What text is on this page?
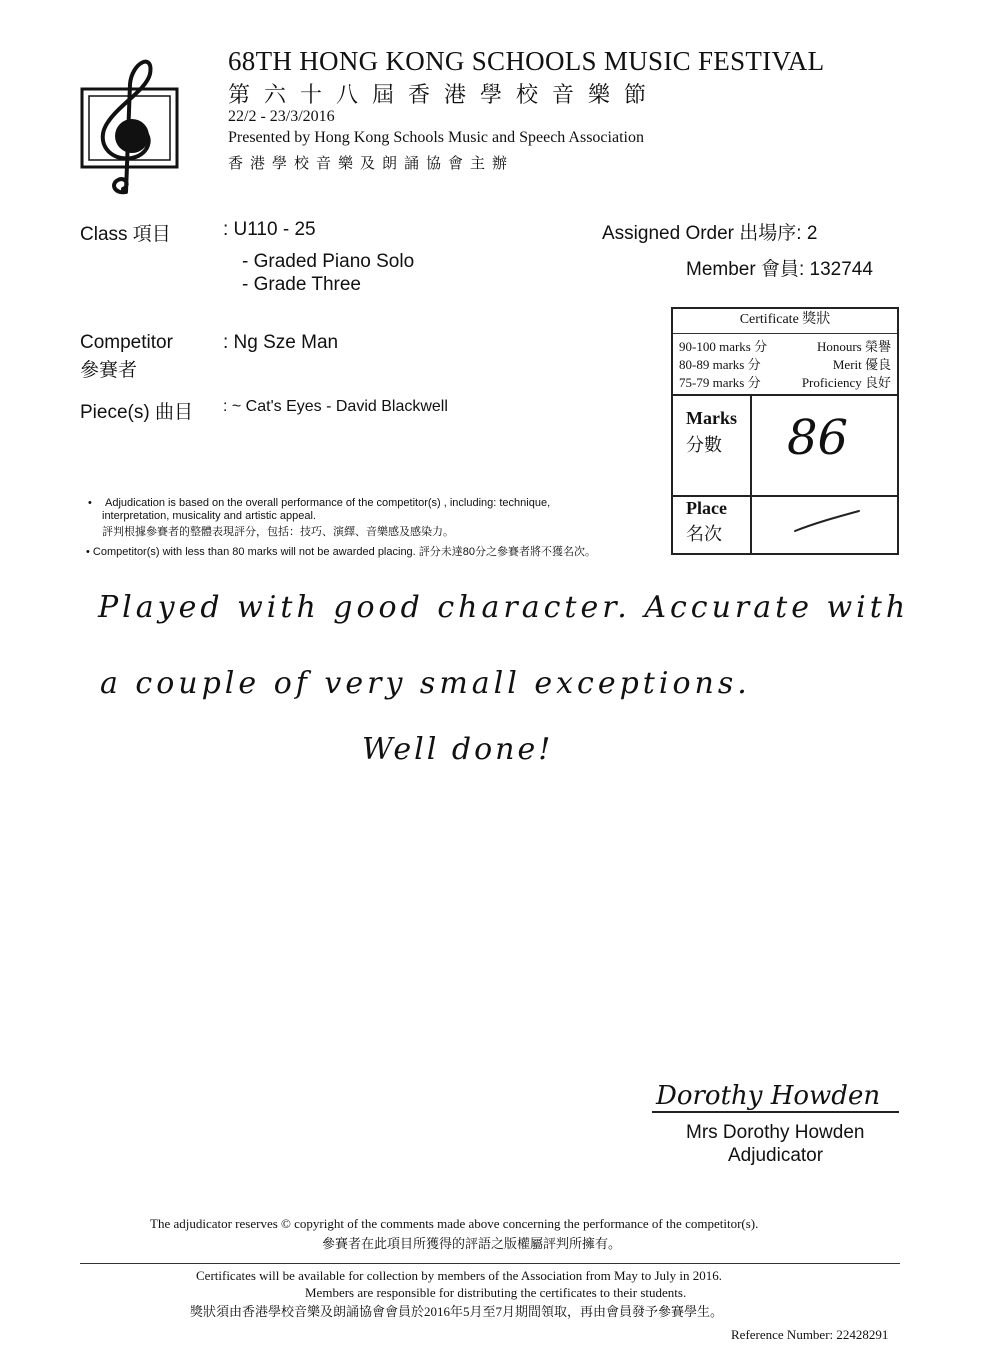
68TH HONG KONG SCHOOLS MUSIC FESTIVAL
第六十八屆香港學校音樂節
22/2 - 23/3/2016
Presented by Hong Kong Schools Music and Speech Association
香港學校音樂及朗誦協會主辦
Class 項目	: U110 - 25
- Graded Piano Solo
- Grade Three
Assigned Order 出場序: 2
Member 會員: 132744
Competitor
參賽者
: Ng Sze Man
Piece(s) 曲目 : ~ Cat's Eyes - David Blackwell
Certificate 獎狀
90-100 marks 分	Honours 榮譽
80-89 marks 分	Merit 優良
75-79 marks 分	Proficiency 良好
Marks
分數 86
Place
名次
• Adjudication is based on the overall performance of the competitor(s) , including: technique,
interpretation, musicality and artistic appeal.
評判根據參賽者的整體表現評分，包括：技巧、演繹、音樂感及感染力。
• Competitor(s) with less than 80 marks will not be awarded placing. 評分未達80分之參賽者將不獲名次。
Played with good character. Accurate with
a couple of very small exceptions.
Well done!
Dorothy Howden
Mrs Dorothy Howden
Adjudicator
The adjudicator reserves © copyright of the comments made above concerning the performance of the competitor(s).
參賽者在此項目所獲得的評語之版權屬評判所擁有。
Certificates will be available for collection by members of the Association from May to July in 2016.
Members are responsible for distributing the certificates to their students.
獎狀須由香港學校音樂及朗誦協會會員於2016年5月至7月期間領取，再由會員發予參賽學生。
Reference Number: 22428291
